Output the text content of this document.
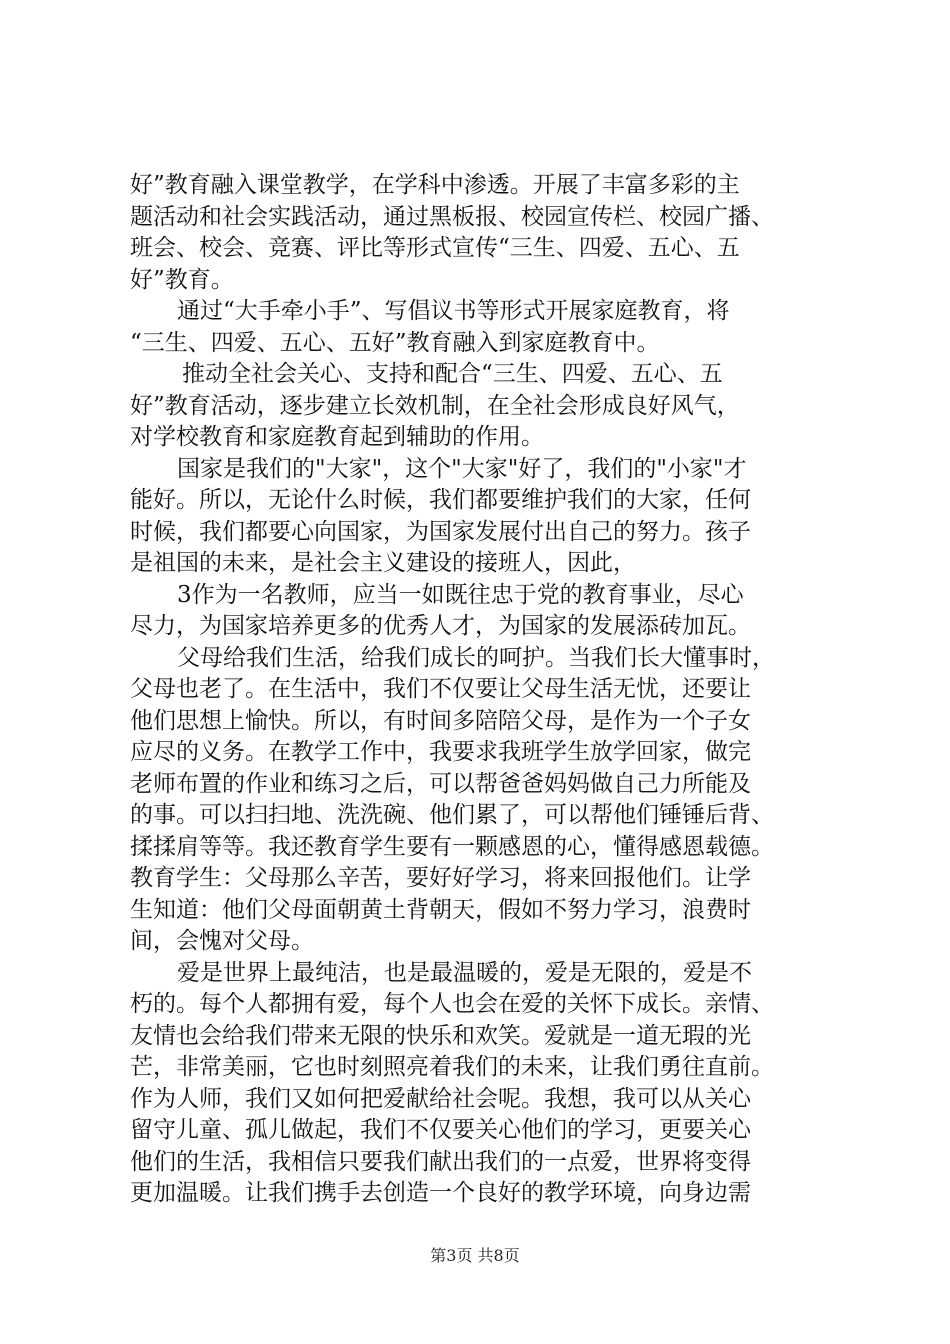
好”教育融入课堂教学，在学科中渗透。开展了丰富多彩的主
题活动和社会实践活动，通过黑板报、校园宣传栏、校园广播、
班会、校会、竞赛、评比等形式宣传“三生、四爱、五心、五
好”教育。
通过“大手牵小手”、写倡议书等形式开展家庭教育，将
“三生、四爱、五心、五好”教育融入到家庭教育中。
推动全社会关心、支持和配合“三生、四爱、五心、五
好”教育活动，逐步建立长效机制，在全社会形成良好风气，
对学校教育和家庭教育起到辅助的作用。
国家是我们的"大家"，这个"大家"好了，我们的"小家"才
能好。所以，无论什么时候，我们都要维护我们的大家，任何
时候，我们都要心向国家，为国家发展付出自己的努力。孩子
是祖国的未来，是社会主义建设的接班人，因此，
3作为一名教师，应当一如既往忠于党的教育事业，尽心
尽力，为国家培养更多的优秀人才，为国家的发展添砖加瓦。
父母给我们生活，给我们成长的呵护。当我们长大懂事时，
父母也老了。在生活中，我们不仅要让父母生活无忧，还要让
他们思想上愉快。所以，有时间多陪陪父母，是作为一个子女
应尽的义务。在教学工作中，我要求我班学生放学回家，做完
老师布置的作业和练习之后，可以帮爸爸妈妈做自己力所能及
的事。可以扫扫地、洗洗碗、他们累了，可以帮他们锤锤后背、
揉揉肩等等。我还教育学生要有一颗感恩的心，懂得感恩载德。
教育学生：父母那么辛苦，要好好学习，将来回报他们。让学
生知道：他们父母面朝黄土背朝天，假如不努力学习，浪费时
间，会愧对父母。
爱是世界上最纯洁，也是最温暖的，爱是无限的，爱是不
朽的。每个人都拥有爱，每个人也会在爱的关怀下成长。亲情、
友情也会给我们带来无限的快乐和欢笑。爱就是一道无瑕的光
芒，非常美丽，它也时刻照亮着我们的未来，让我们勇往直前。
作为人师，我们又如何把爱献给社会呢。我想，我可以从关心
留守儿童、孤儿做起，我们不仅要关心他们的学习，更要关心
他们的生活，我相信只要我们献出我们的一点爱，世界将变得
更加温暖。让我们携手去创造一个良好的教学环境，向身边需
第3页 共8页
